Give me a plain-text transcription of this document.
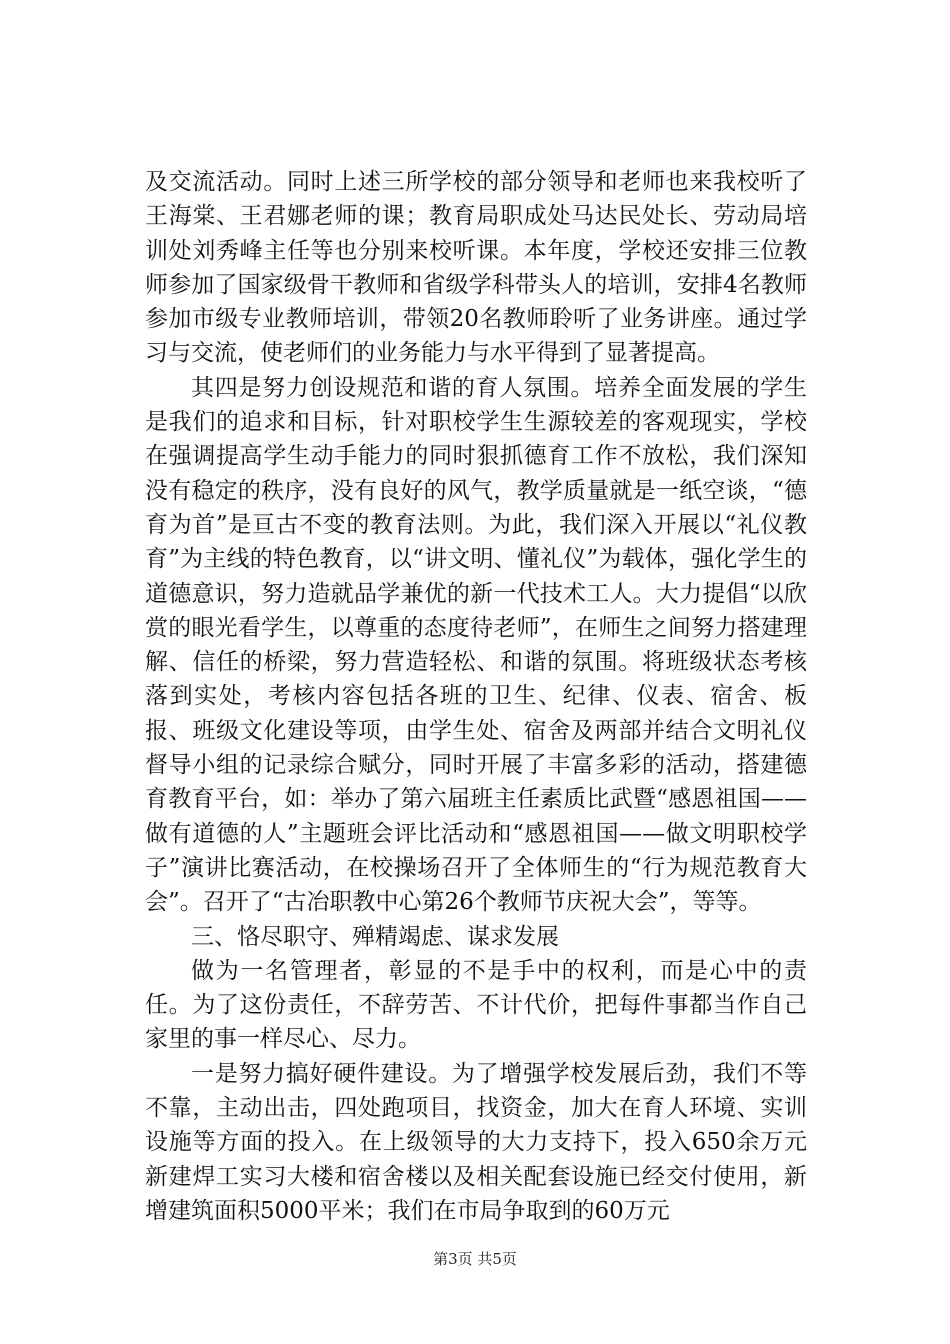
及交流活动。同时上述三所学校的部分领导和老师也来我校听了王海棠、王君娜老师的课；教育局职成处马达民处长、劳动局培训处刘秀峰主任等也分别来校听课。本年度，学校还安排三位教师参加了国家级骨干教师和省级学科带头人的培训，安排4名教师参加市级专业教师培训，带领20名教师聆听了业务讲座。通过学习与交流，使老师们的业务能力与水平得到了显著提高。

其四是努力创设规范和谐的育人氛围。培养全面发展的学生是我们的追求和目标，针对职校学生生源较差的客观现实，学校在强调提高学生动手能力的同时狠抓德育工作不放松，我们深知没有稳定的秩序，没有良好的风气，教学质量就是一纸空谈，“德育为首”是亘古不变的教育法则。为此，我们深入开展以“礼仪教育”为主线的特色教育，以“讲文明、懂礼仪”为载体，强化学生的道德意识，努力造就品学兼优的新一代技术工人。大力提倡“以欣赏的眼光看学生，以尊重的态度待老师”，在师生之间努力搭建理解、信任的桥梁，努力营造轻松、和谐的氛围。将班级状态考核落到实处，考核内容包括各班的卫生、纪律、仪表、宿舍、板报、班级文化建设等项，由学生处、宿舍及两部并结合文明礼仪督导小组的记录综合赋分，同时开展了丰富多彩的活动，搭建德育教育平台，如：举办了第六届班主任素质比武暨“感恩祖国——做有道德的人”主题班会评比活动和“感恩祖国——做文明职校学子”演讲比赛活动，在校操场召开了全体师生的“行为规范教育大会”。召开了“古冶职教中心第26个教师节庆祝大会”，等等。

三、恪尽职守、殚精竭虑、谋求发展

做为一名管理者，彰显的不是手中的权利，而是心中的责任。为了这份责任，不辞劳苦、不计代价，把每件事都当作自己家里的事一样尽心、尽力。

一是努力搞好硬件建设。为了增强学校发展后劲，我们不等不靠，主动出击，四处跑项目，找资金，加大在育人环境、实训设施等方面的投入。在上级领导的大力支持下，投入650余万元新建焊工实习大楼和宿舍楼以及相关配套设施已经交付使用，新增建筑面积5000平米；我们在市局争取到的60万元

第3页 共5页
